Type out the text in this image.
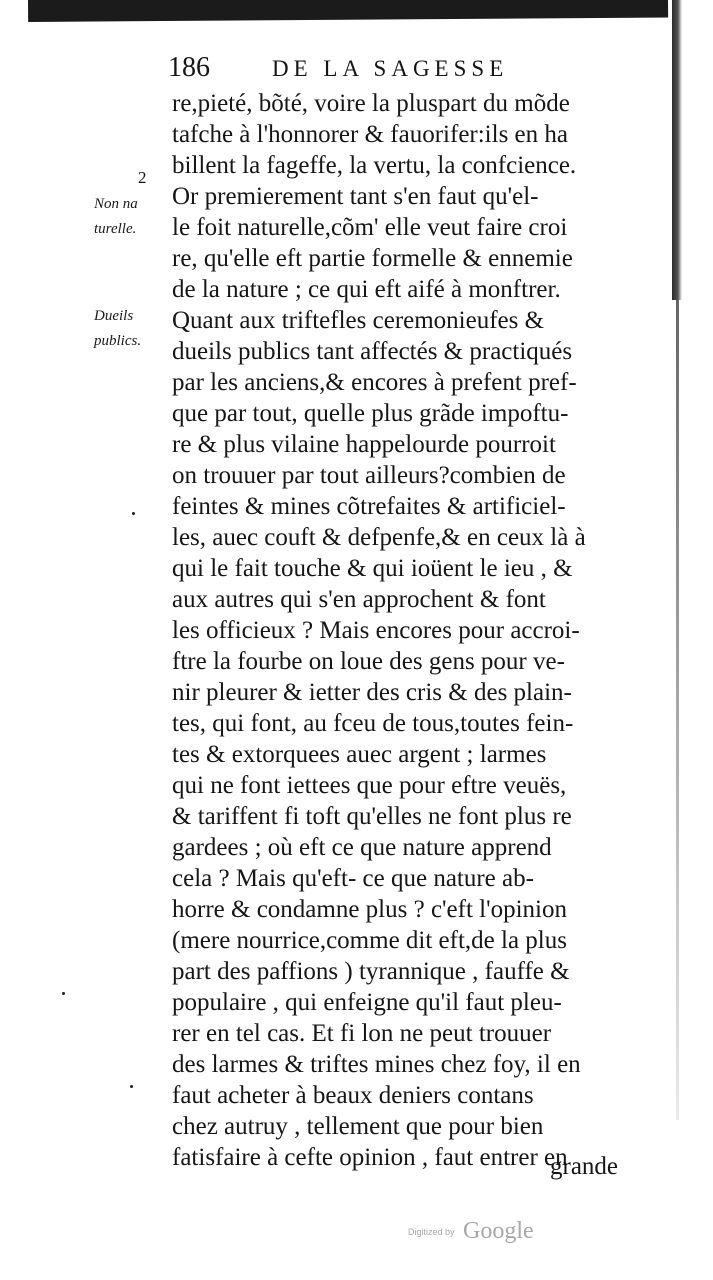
186	DE LA SAGESSE
2
Non na
turelle.
Dueils
publics.
re,pieté, bõté, voire la pluspart du mõde
tafche à l'honnorer & fauorifer:ils en ha
billent la fageffe, la vertu, la confcience.
Or premierement tant s'en faut qu'el-
le foit naturelle,cõm' elle veut faire croi
re, qu'elle eft partie formelle & ennemie
de la nature ; ce qui eft aifé à monftrer.
Quant aux triftefles ceremonieufes &
dueils publics tant affectés & practiqués
par les anciens,& encores à prefent pref-
que par tout, quelle plus grãde impoftu-
re & plus vilaine happelourde pourroit
on trouuer par tout ailleurs?combien de
feintes & mines cõtrefaites & artificiel-
les, auec couft & defpenfe,& en ceux là à
qui le fait touche & qui ioüent le ieu , &
aux autres qui s'en approchent & font
les officieux ? Mais encores pour accroi-
ftre la fourbe on loue des gens pour ve-
nir pleurer & ietter des cris & des plain-
tes, qui font, au fceu de tous,toutes fein-
tes & extorquees auec argent ; larmes
qui ne font iettees que pour eftre veuës,
& tariffent fi toft qu'elles ne font plus re
gardees ; où eft ce que nature apprend
cela ? Mais qu'eft- ce que nature ab-
horre & condamne plus ? c'eft l'opinion
(mere nourrice,comme dit eft,de la plus
part des paffions ) tyrannique , fauffe &
populaire , qui enfeigne qu'il faut pleu-
rer en tel cas. Et fi lon ne peut trouuer
des larmes & triftes mines chez foy, il en
faut acheter à beaux deniers contans
chez autruy , tellement que pour bien
fatisfaire à cefte opinion , faut entrer en
grande
Digitized by Google
